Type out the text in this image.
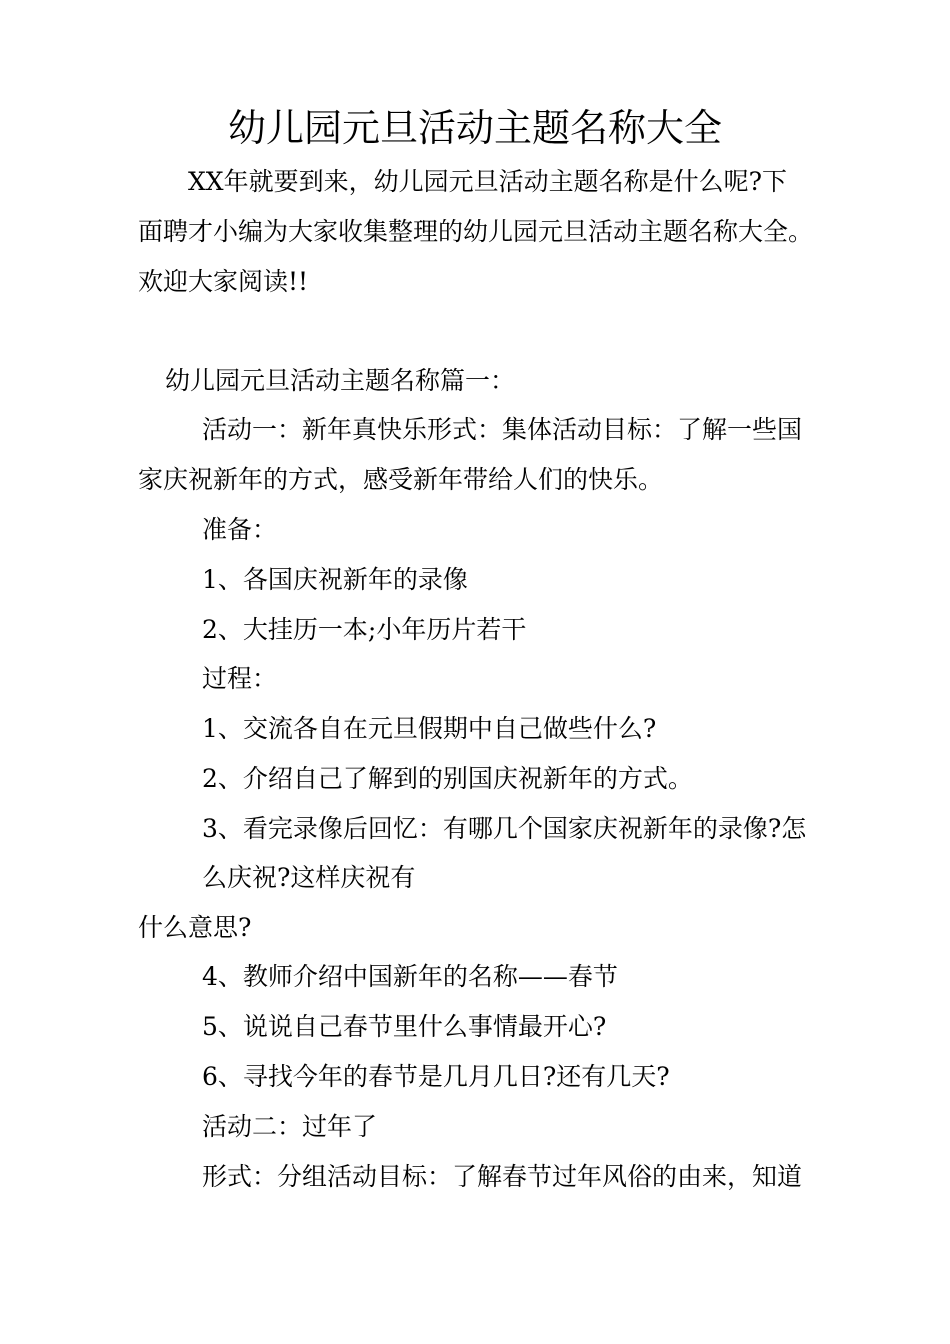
幼儿园元旦活动主题名称大全
XX年就要到来，幼儿园元旦活动主题名称是什么呢?下
面聘才小编为大家收集整理的幼儿园元旦活动主题名称大全。
欢迎大家阅读!!
幼儿园元旦活动主题名称篇一：
活动一：新年真快乐形式：集体活动目标：了解一些国
家庆祝新年的方式，感受新年带给人们的快乐。
准备：
1、各国庆祝新年的录像
2、大挂历一本;小年历片若干
过程：
1、交流各自在元旦假期中自己做些什么?
2、介绍自己了解到的别国庆祝新年的方式。
3、看完录像后回忆：有哪几个国家庆祝新年的录像?怎
么庆祝?这样庆祝有
什么意思?
4、教师介绍中国新年的名称——春节
5、说说自己春节里什么事情最开心?
6、寻找今年的春节是几月几日?还有几天?
活动二：过年了
形式：分组活动目标：了解春节过年风俗的由来，知道
